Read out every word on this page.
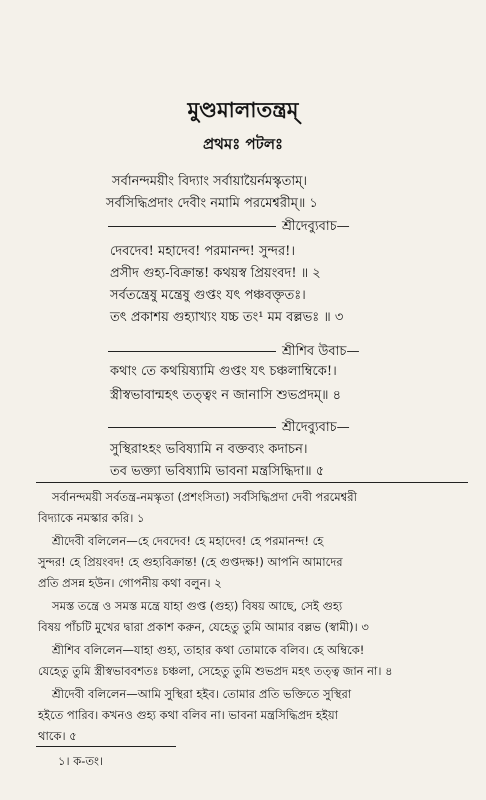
মুণ্ডমালাতন্ত্রম্
প্রথমঃ পটলঃ
সর্বানন্দময়ীং বিদ্যাং সর্বায়ায়ৈর্নমস্কৃতাম্।
সর্বসিদ্ধিপ্রদাং দেবীং নমামি পরমেশ্বরীম্॥ ১
শ্রীদেব্যুবাচ—
দেবদেব! মহাদেব! পরমানন্দ! সুন্দর!।
প্রসীদ গুহ্য-বিক্রান্ত! কথয়স্ব প্রিয়ংবদ! ॥ ২
সর্বতন্ত্রেষু মন্ত্রেষু গুপ্তং যৎ পঞ্চবক্তৃতঃ।
তৎ প্রকাশয় গুহ্যাখ্যং যচ্চ তং¹ মম বল্লভঃ ॥ ৩
শ্রীশিব উবাচ—
কথাং তে কথয়িষ্যামি গুপ্তং যৎ চঞ্চলাম্বিকে!।
স্ত্রীস্বভাবান্মহৎ তত্ত্বং ন জানাসি শুভপ্রদম্॥ ৪
শ্রীদেব্যুবাচ—
সুস্থিরাঽহং ভবিষ্যামি ন বক্তব্যং কদাচন।
তব ভক্ত্যা ভবিষ্যামি ভাবনা মন্ত্রসিদ্ধিদা॥ ৫
সর্বানন্দময়ী সর্বতন্ত্র-নমস্কৃতা (প্রশংসিতা) সর্বসিদ্ধিপ্রদা দেবী পরমেশ্বরী
বিদ্যাকে নমস্কার করি। ১
শ্রীদেবী বলিলেন—হে দেবদেব! হে মহাদেব! হে পরমানন্দ! হে
সুন্দর! হে প্রিয়ংবদ! হে গুহ্যবিক্রান্ত! (হে গুপ্তদক্ষ!) আপনি আমাদের
প্রতি প্রসন্ন হউন। গোপনীয় কথা বলুন। ২
সমস্ত তন্ত্রে ও সমস্ত মন্ত্রে যাহা গুপ্ত (গুহ্য) বিষয় আছে, সেই গুহ্য
বিষয় পাঁচটি মুখের দ্বারা প্রকাশ করুন, যেহেতু তুমি আমার বল্লভ (স্বামী)। ৩
শ্রীশিব বলিলেন—যাহা গুহ্য, তাহার কথা তোমাকে বলিব। হে অম্বিকে!
যেহেতু তুমি স্ত্রীস্বভাববশতঃ চঞ্চলা, সেহেতু তুমি শুভপ্রদ মহৎ তত্ত্ব জান না। ৪
শ্রীদেবী বলিলেন—আমি সুস্থিরা হইব। তোমার প্রতি ভক্তিতে সুস্থিরা
হইতে পারিব। কখনও গুহ্য কথা বলিব না। ভাবনা মন্ত্রসিদ্ধিপ্রদ হইয়া
থাকে। ৫
১। ক-তং।
